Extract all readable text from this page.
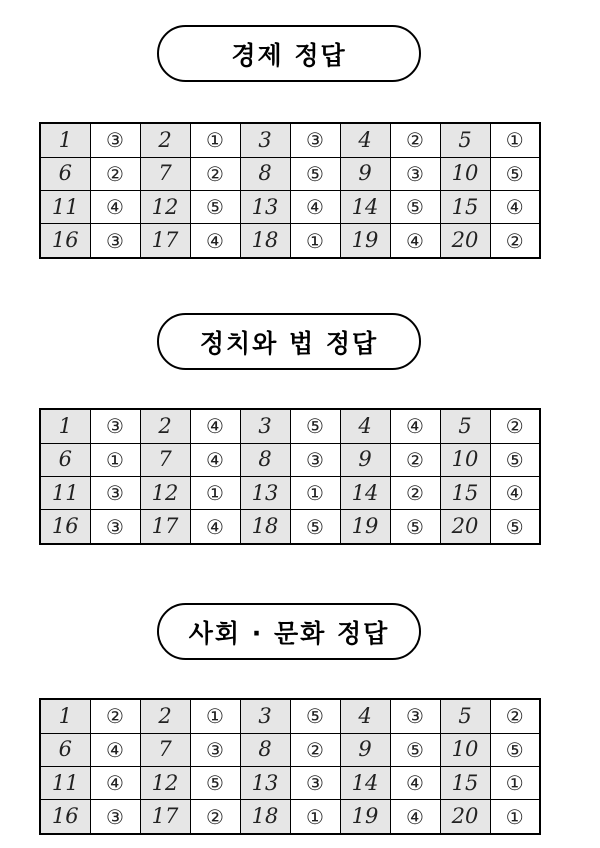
경제 정답
1	③	2	①	3	③	4	②	5	①
6	②	7	②	8	⑤	9	③	10	⑤
11	④	12	⑤	13	④	14	⑤	15	④
16	③	17	④	18	①	19	④	20	②
정치와 법 정답
1	③	2	④	3	⑤	4	④	5	②
6	①	7	④	8	③	9	②	10	⑤
11	③	12	①	13	①	14	②	15	④
16	③	17	④	18	⑤	19	⑤	20	⑤
사회 · 문화 정답
1	②	2	①	3	⑤	4	③	5	②
6	④	7	③	8	②	9	⑤	10	⑤
11	④	12	⑤	13	③	14	④	15	①
16	③	17	②	18	①	19	④	20	①
